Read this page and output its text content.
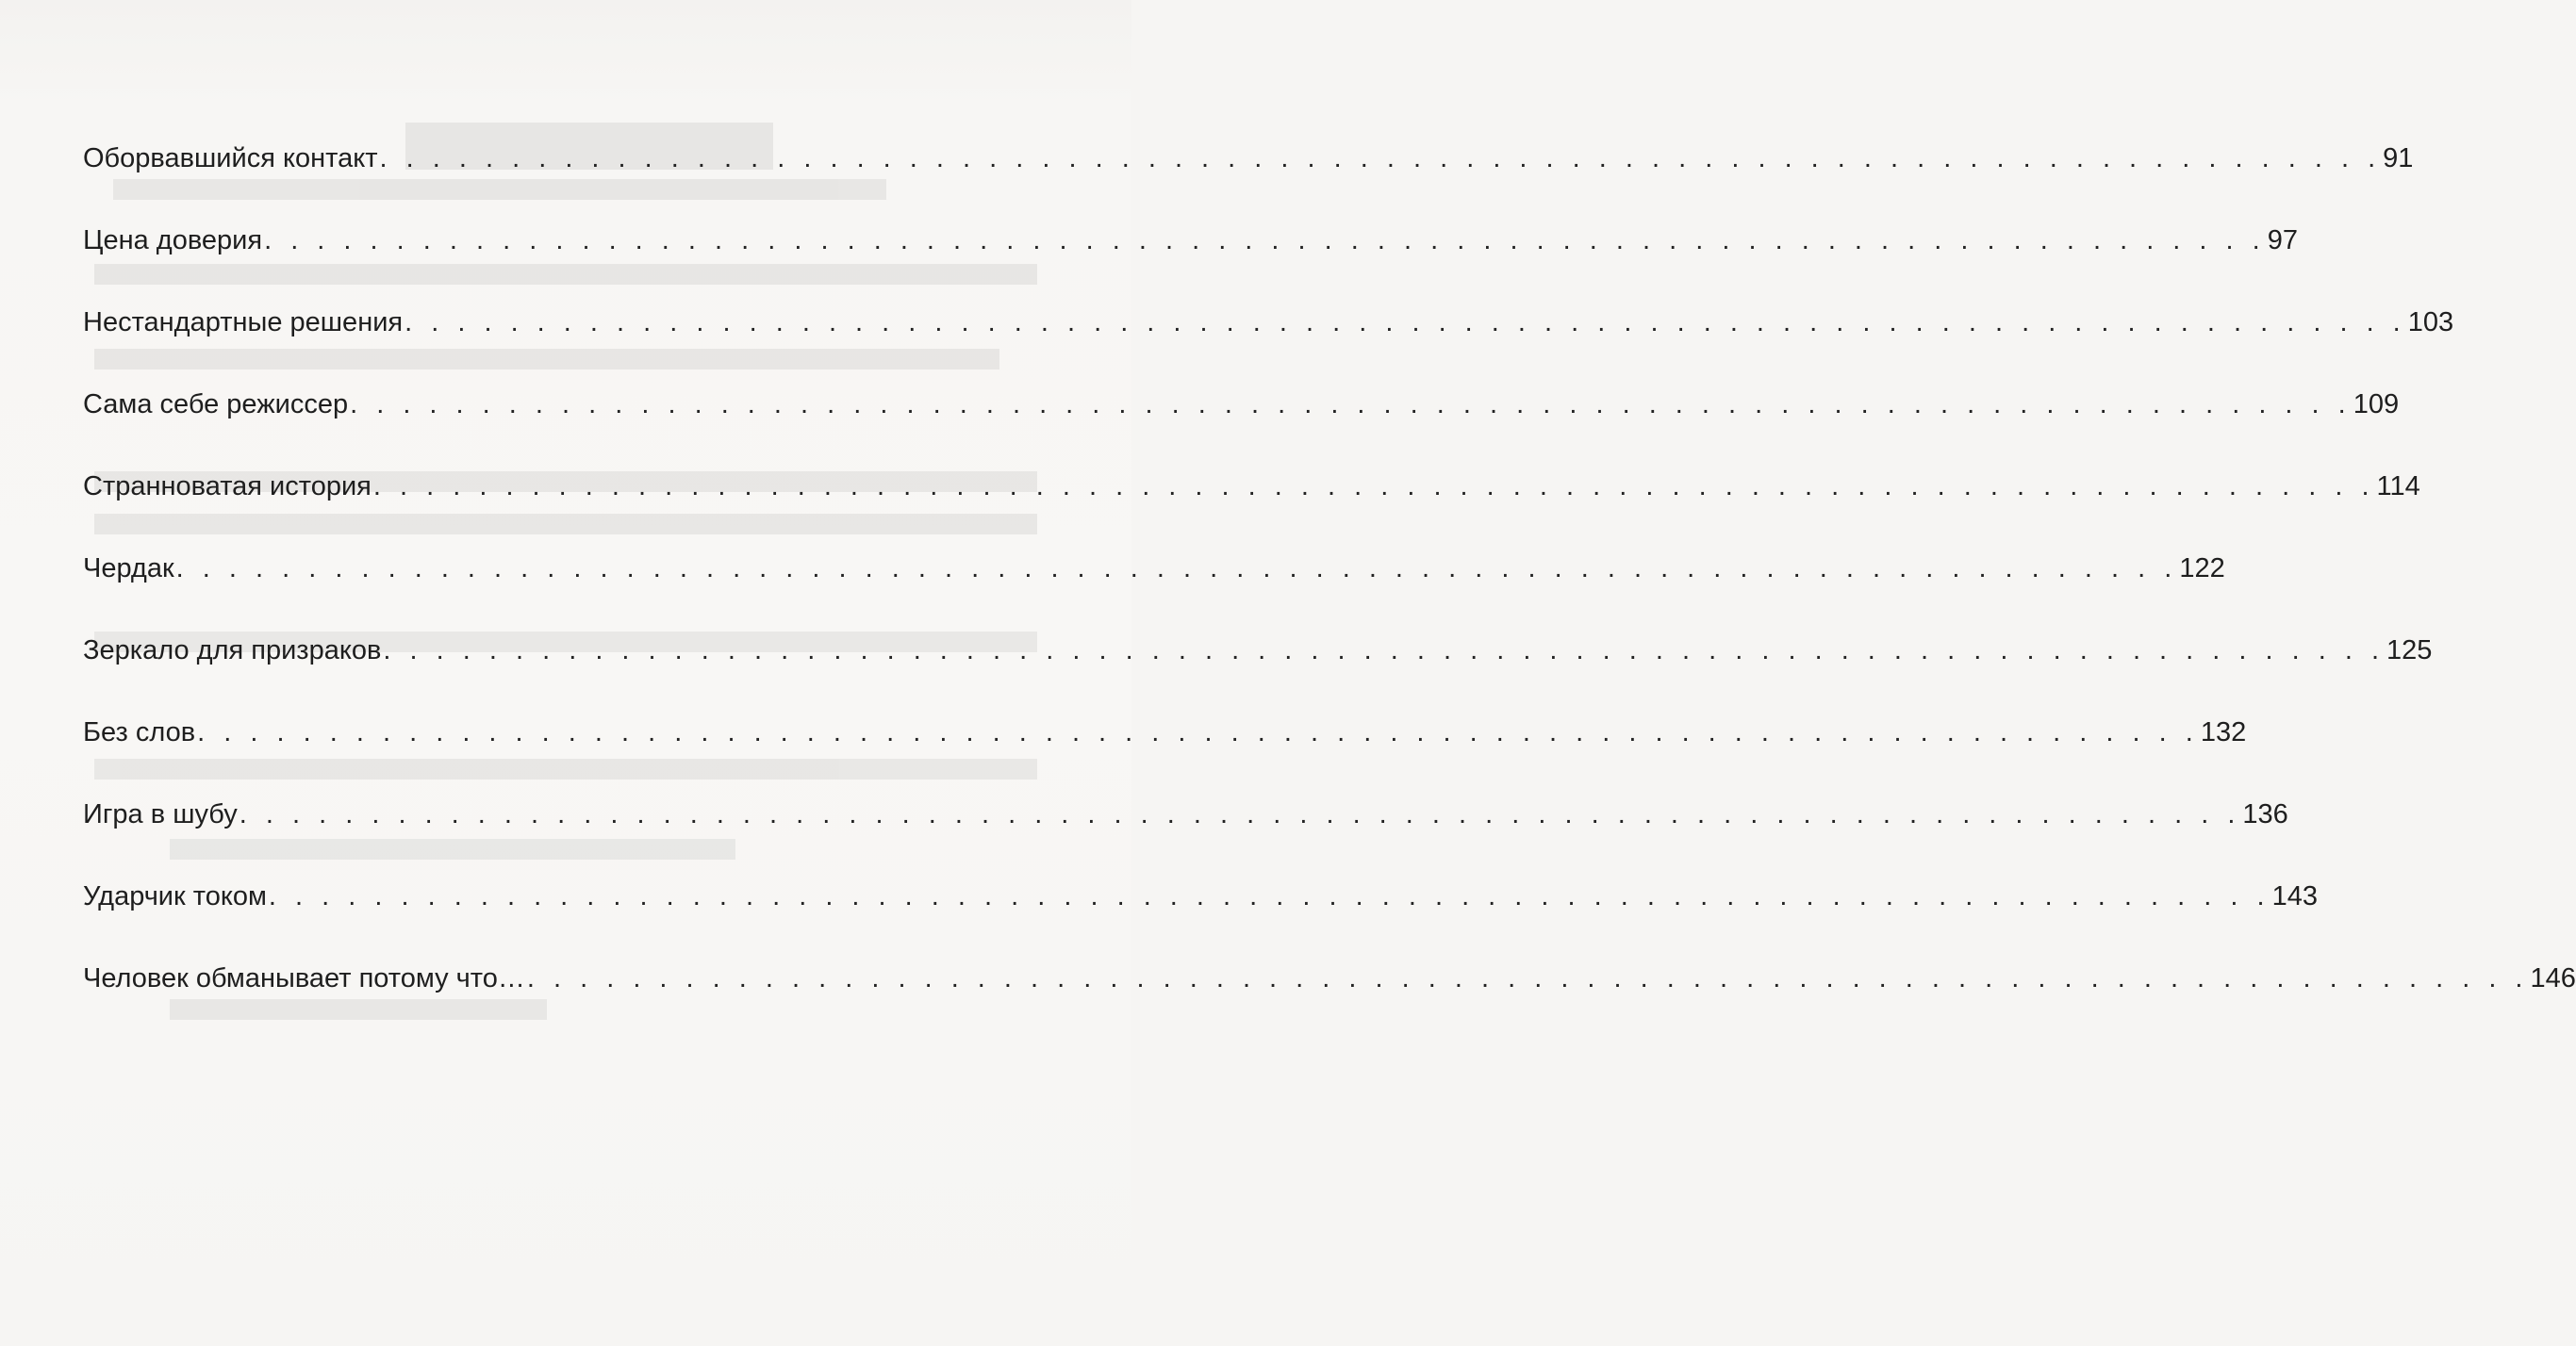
Оборвавшийся контакт . . . . . . . . . . . . . . . . . . . . . . . . . . . . . . . . . . . . . . . . . . . . . . . . . . . . . . . . . . . . . . . . . . . . . . . . . . . . 91
Цена доверия . . . . . . . . . . . . . . . . . . . . . . . . . . . . . . . . . . . . . . . . . . . . . . . . . . . . . . . . . . . . . . . . . . . . . . . . . . . . 97
Нестандартные решения . . . . . . . . . . . . . . . . . . . . . . . . . . . . . . . . . . . . . . . . . . . . . . . . . . . . . . . . . . . . . . . . . . . . . . . . . . . . 103
Сама себе режиссер . . . . . . . . . . . . . . . . . . . . . . . . . . . . . . . . . . . . . . . . . . . . . . . . . . . . . . . . . . . . . . . . . . . . . . . . . . . . 109
Странноватая история . . . . . . . . . . . . . . . . . . . . . . . . . . . . . . . . . . . . . . . . . . . . . . . . . . . . . . . . . . . . . . . . . . . . . . . . . . . . 114
Чердак . . . . . . . . . . . . . . . . . . . . . . . . . . . . . . . . . . . . . . . . . . . . . . . . . . . . . . . . . . . . . . . . . . . . . . . . . . . . 122
Зеркало для призраков . . . . . . . . . . . . . . . . . . . . . . . . . . . . . . . . . . . . . . . . . . . . . . . . . . . . . . . . . . . . . . . . . . . . . . . . . . . . 125
Без слов . . . . . . . . . . . . . . . . . . . . . . . . . . . . . . . . . . . . . . . . . . . . . . . . . . . . . . . . . . . . . . . . . . . . . . . . . . . . 132
Игра в шубу . . . . . . . . . . . . . . . . . . . . . . . . . . . . . . . . . . . . . . . . . . . . . . . . . . . . . . . . . . . . . . . . . . . . . . . . . . . . 136
Ударчик током . . . . . . . . . . . . . . . . . . . . . . . . . . . . . . . . . . . . . . . . . . . . . . . . . . . . . . . . . . . . . . . . . . . . . . . . . . . . 143
Человек обманывает потому что… . . . . . . . . . . . . . . . . . . . . . . . . . . . . . . . . . . . . . . . . . . . . . . . . . . . . . . . . . . . . . . . . . . . . . . . . . . . . 146
